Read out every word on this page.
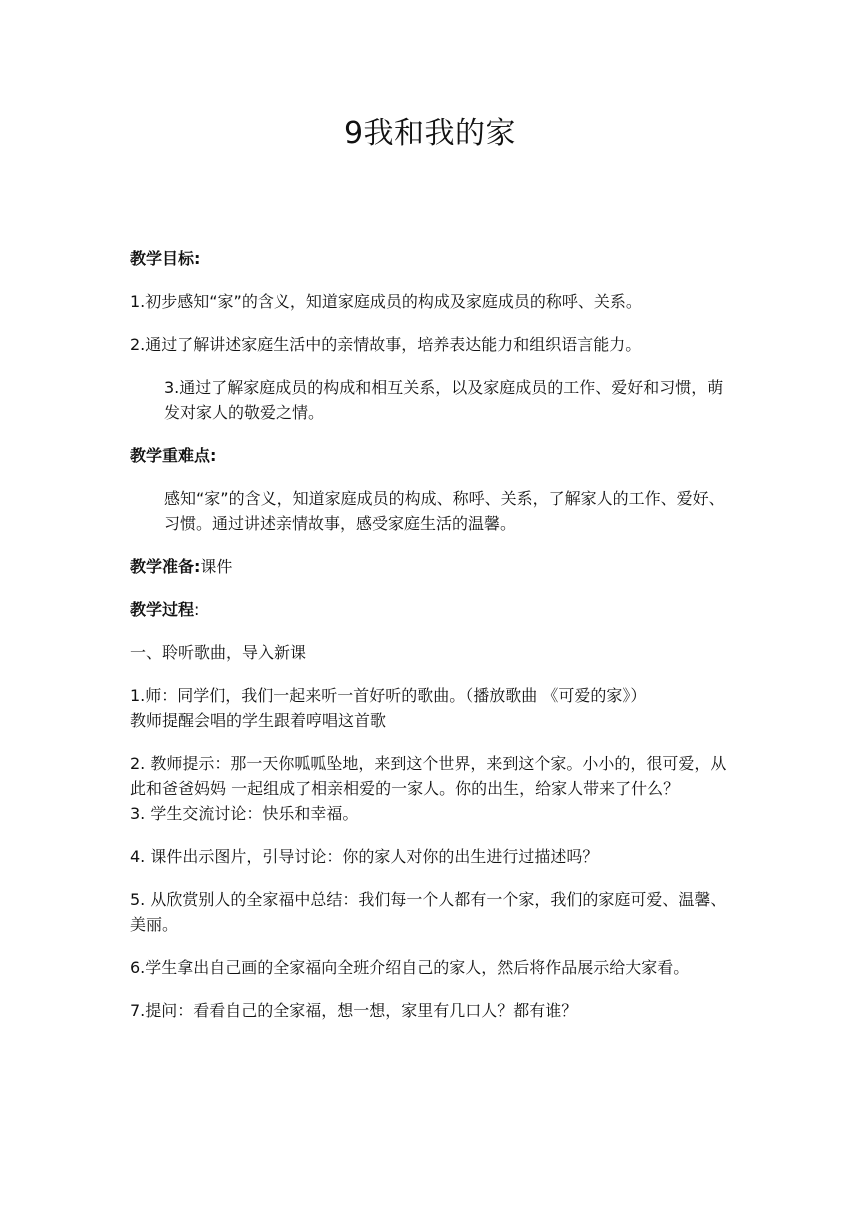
9我和我的家

教学目标:

1.初步感知“家”的含义，知道家庭成员的构成及家庭成员的称呼、关系。

2.通过了解讲述家庭生活中的亲情故事，培养表达能力和组织语言能力。

3.通过了解家庭成员的构成和相互关系，以及家庭成员的工作、爱好和习惯，萌发对家人的敬爱之情。

教学重难点:

感知“家”的含义，知道家庭成员的构成、称呼、关系，了解家人的工作、爱好、习惯。通过讲述亲情故事，感受家庭生活的温馨。

教学准备:课件

教学过程:

一、聆听歌曲，导入新课

1.师：同学们，我们一起来听一首好听的歌曲。（播放歌曲 《可爱的家》）

教师提醒会唱的学生跟着哼唱这首歌

2. 教师提示：那一天你呱呱坠地，来到这个世界，来到这个家。小小的，很可爱，从此和爸爸妈妈 一起组成了相亲相爱的一家人。你的出生，给家人带来了什么？

3. 学生交流讨论：快乐和幸福。

4. 课件出示图片，引导讨论：你的家人对你的出生进行过描述吗？

5. 从欣赏别人的全家福中总结：我们每一个人都有一个家，我们的家庭可爱、温馨、美丽。

6.学生拿出自己画的全家福向全班介绍自己的家人，然后将作品展示给大家看。

7.提问：看看自己的全家福，想一想，家里有几口人？都有谁？
